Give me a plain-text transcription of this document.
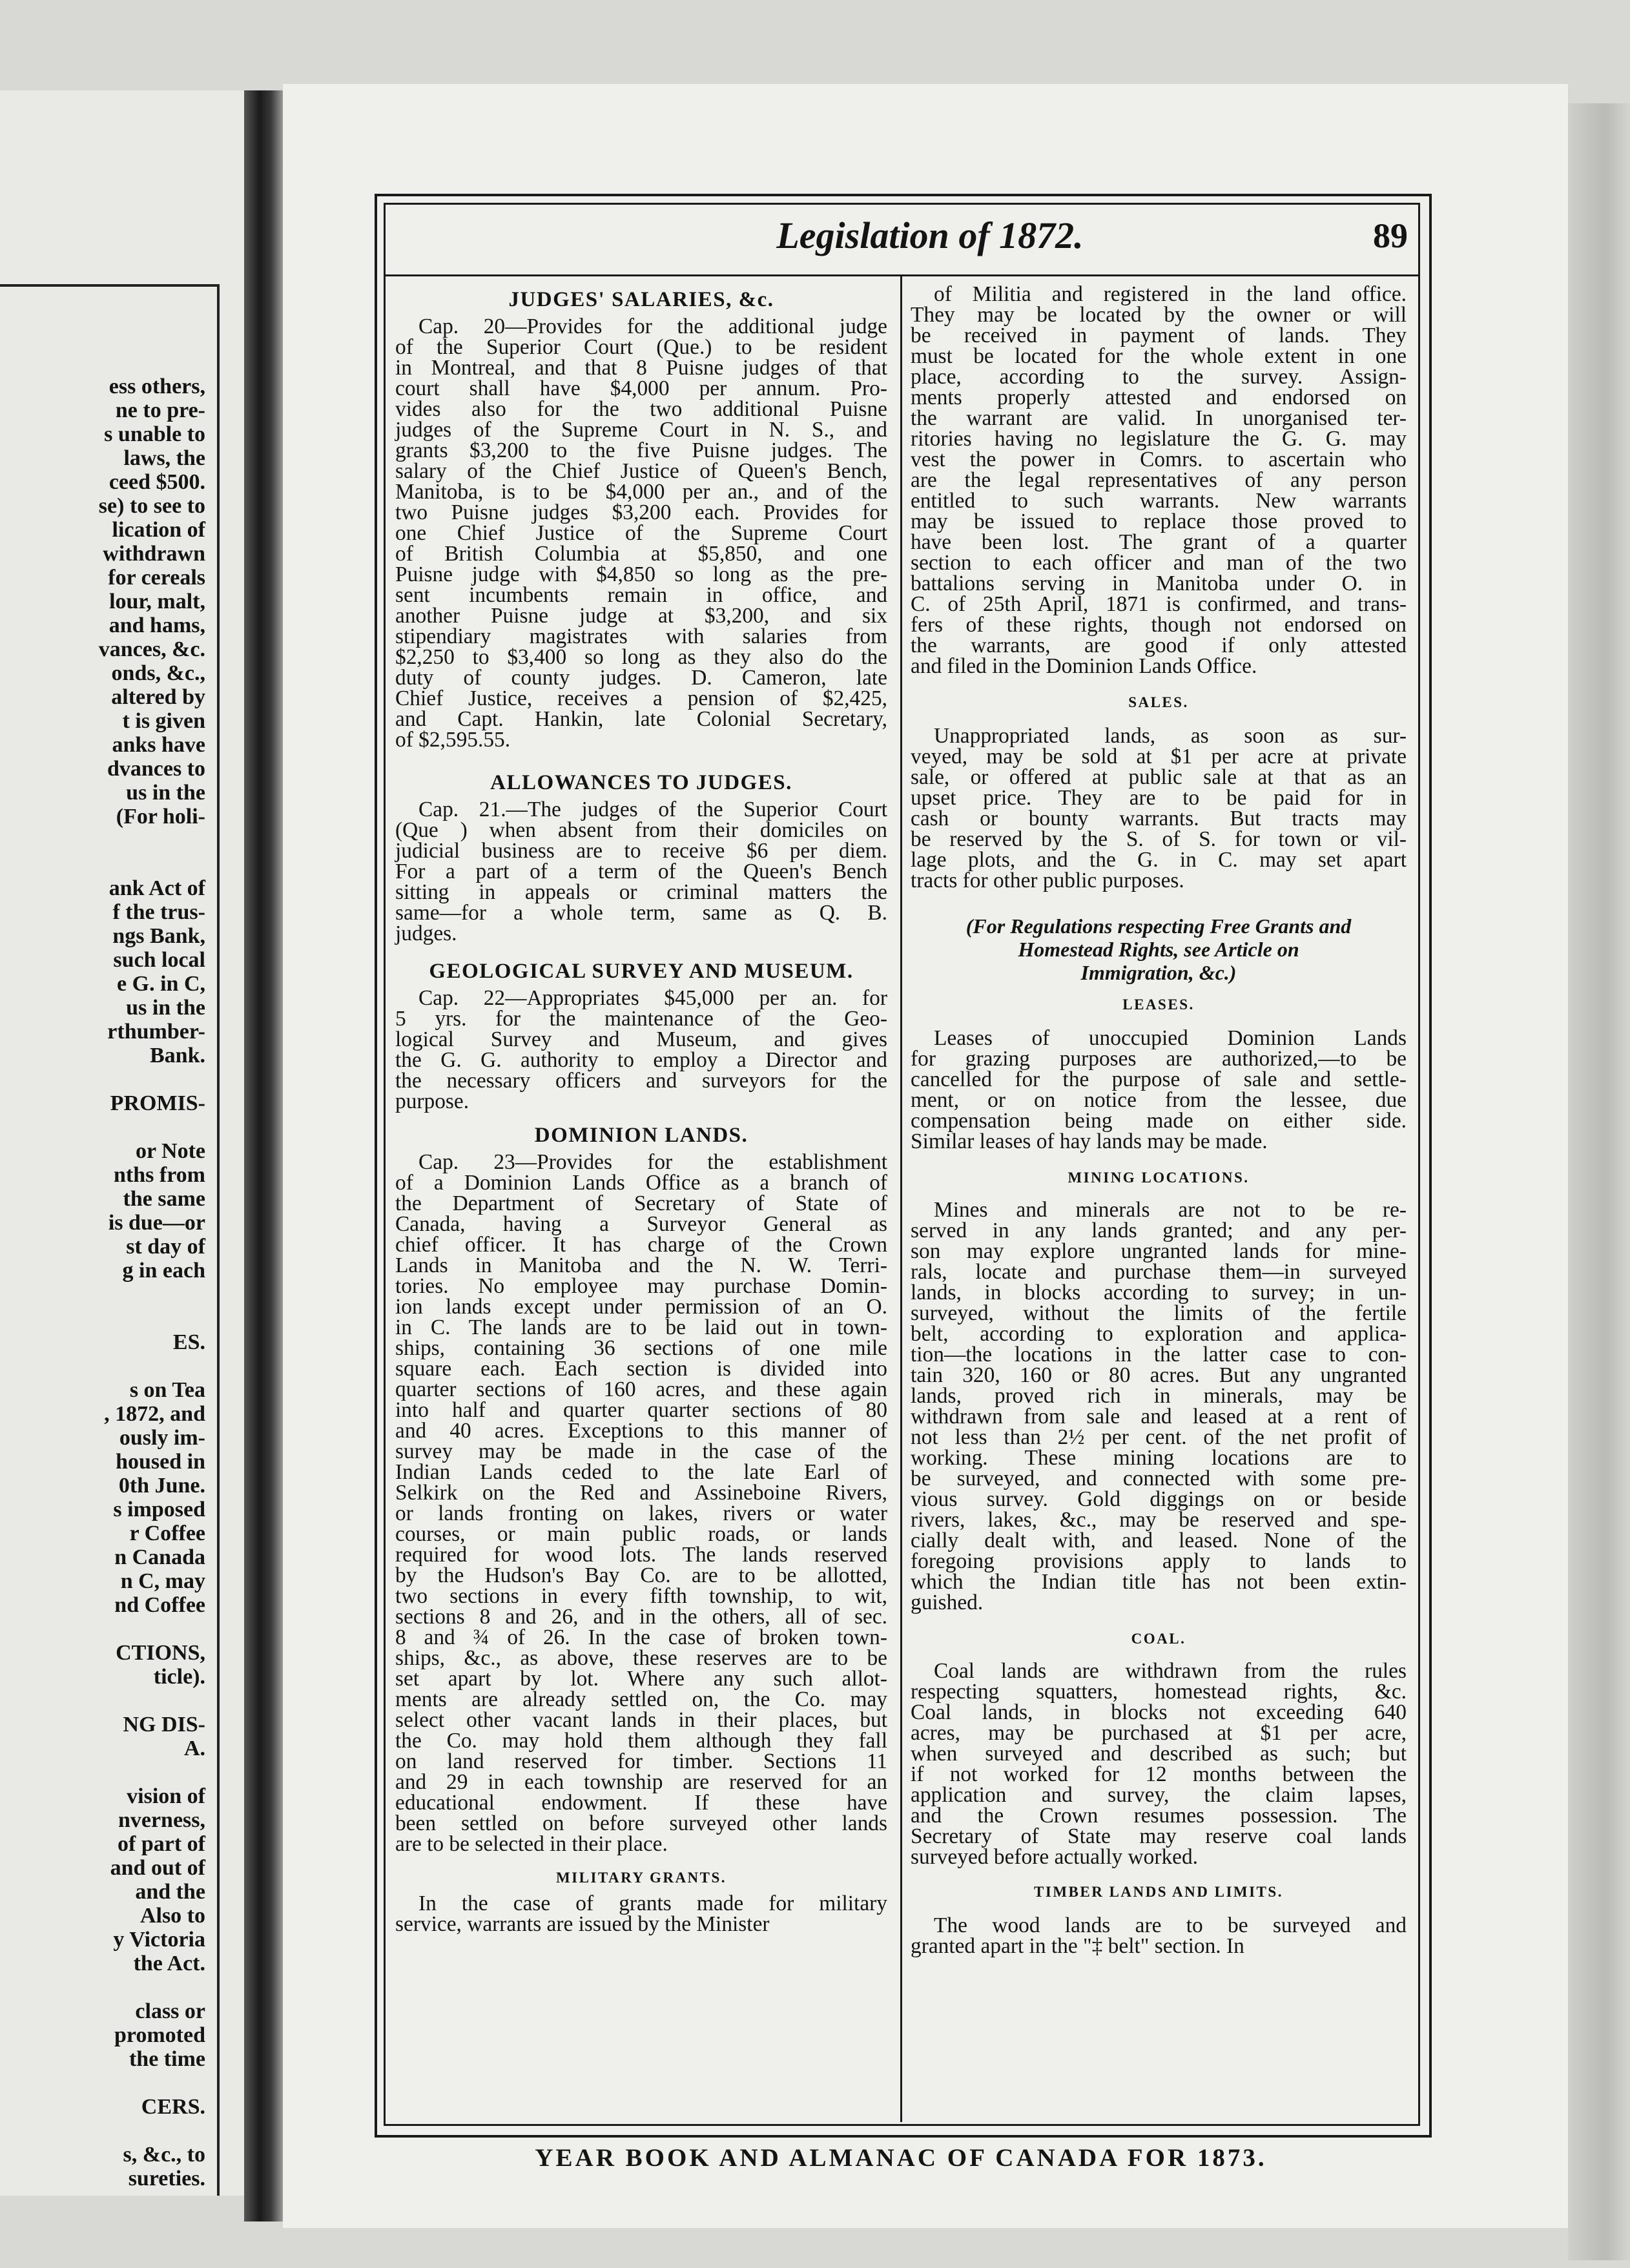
ess others,
ne to pre-
s unable to
laws, the
ceed $500.
se) to see to
lication of
withdrawn
for cereals
lour, malt,
and hams,
vances, &c.
onds, &c.,
altered by
t is given
anks have
dvances to
us in the
(For holi-
ank Act of
f the trus-
ngs Bank,
such local
e G. in C,
us in the
rthumber-
Bank.
PROMIS-
or Note
nths from
the same
is due—or
st day of
g in each
ES.
s on Tea
, 1872, and
ously im-
housed in
0th June.
s imposed
r Coffee
n Canada
n C, may
nd Coffee
CTIONS,
ticle).
NG DIS-
A.
vision of
nverness,
of part of
and out of
and the
Also to
y Victoria
the Act.
class or
promoted
the time
CERS.
s, &c., to
sureties.
Legislation of 1872.	89
JUDGES' SALARIES, &c.

Cap. 20—Provides for the additional judge
of the Superior Court (Que.) to be resident
in Montreal, and that 8 Puisne judges of that
court shall have $4,000 per annum. Pro-
vides also for the two additional Puisne
judges of the Supreme Court in N. S., and
grants $3,200 to the five Puisne judges. The
salary of the Chief Justice of Queen's Bench,
Manitoba, is to be $4,000 per an., and of the
two Puisne judges $3,200 each. Provides for
one Chief Justice of the Supreme Court
of British Columbia at $5,850, and one
Puisne judge with $4,850 so long as the pre-
sent incumbents remain in office, and
another Puisne judge at $3,200, and six
stipendiary magistrates with salaries from
$2,250 to $3,400 so long as they also do the
duty of county judges. D. Cameron, late
Chief Justice, receives a pension of $2,425,
and Capt. Hankin, late Colonial Secretary,
of $2,595.55.

ALLOWANCES TO JUDGES.

Cap. 21.—The judges of the Superior Court
(Que ) when absent from their domiciles on
judicial business are to receive $6 per diem.
For a part of a term of the Queen's Bench
sitting in appeals or criminal matters the
same—for a whole term, same as Q. B.
judges.

GEOLOGICAL SURVEY AND MUSEUM.

Cap. 22—Appropriates $45,000 per an. for
5 yrs. for the maintenance of the Geo-
logical Survey and Museum, and gives
the G. G. authority to employ a Director and
the necessary officers and surveyors for the
purpose.

DOMINION LANDS.

Cap. 23—Provides for the establishment
of a Dominion Lands Office as a branch of
the Department of Secretary of State of
Canada, having a Surveyor General as
chief officer. It has charge of the Crown
Lands in Manitoba and the N. W. Terri-
tories. No employee may purchase Domin-
ion lands except under permission of an O.
in C. The lands are to be laid out in town-
ships, containing 36 sections of one mile
square each. Each section is divided into
quarter sections of 160 acres, and these again
into half and quarter quarter sections of 80
and 40 acres. Exceptions to this manner of
survey may be made in the case of the
Indian Lands ceded to the late Earl of
Selkirk on the Red and Assineboine Rivers,
or lands fronting on lakes, rivers or water
courses, or main public roads, or lands
required for wood lots. The lands reserved
by the Hudson's Bay Co. are to be allotted,
two sections in every fifth township, to wit,
sections 8 and 26, and in the others, all of sec.
8 and ¾ of 26. In the case of broken town-
ships, &c., as above, these reserves are to be
set apart by lot. Where any such allot-
ments are already settled on, the Co. may
select other vacant lands in their places, but
the Co. may hold them although they fall
on land reserved for timber. Sections 11
and 29 in each township are reserved for an
educational endowment. If these have
been settled on before surveyed other lands
are to be selected in their place.

MILITARY GRANTS.

In the case of grants made for military
service, warrants are issued by the Minister

of Militia and registered in the land office.
They may be located by the owner or will
be received in payment of lands. They
must be located for the whole extent in one
place, according to the survey. Assign-
ments properly attested and endorsed on
the warrant are valid. In unorganised ter-
ritories having no legislature the G. G. may
vest the power in Comrs. to ascertain who
are the legal representatives of any person
entitled to such warrants. New warrants
may be issued to replace those proved to
have been lost. The grant of a quarter
section to each officer and man of the two
battalions serving in Manitoba under O. in
C. of 25th April, 1871 is confirmed, and trans-
fers of these rights, though not endorsed on
the warrants, are good if only attested
and filed in the Dominion Lands Office.

SALES.

Unappropriated lands, as soon as sur-
veyed, may be sold at $1 per acre at private
sale, or offered at public sale at that as an
upset price. They are to be paid for in
cash or bounty warrants. But tracts may
be reserved by the S. of S. for town or vil-
lage plots, and the G. in C. may set apart
tracts for other public purposes.

(For Regulations respecting Free Grants and
Homestead Rights, see Article on
Immigration, &c.)
LEASES.

Leases of unoccupied Dominion Lands
for grazing purposes are authorized,—to be
cancelled for the purpose of sale and settle-
ment, or on notice from the lessee, due
compensation being made on either side.
Similar leases of hay lands may be made.

MINING LOCATIONS.

Mines and minerals are not to be re-
served in any lands granted; and any per-
son may explore ungranted lands for mine-
rals, locate and purchase them—in surveyed
lands, in blocks according to survey; in un-
surveyed, without the limits of the fertile
belt, according to exploration and applica-
tion—the locations in the latter case to con-
tain 320, 160 or 80 acres. But any ungranted
lands, proved rich in minerals, may be
withdrawn from sale and leased at a rent of
not less than 2½ per cent. of the net profit of
working. These mining locations are to
be surveyed, and connected with some pre-
vious survey. Gold diggings on or beside
rivers, lakes, &c., may be reserved and spe-
cially dealt with, and leased. None of the
foregoing provisions apply to lands to
which the Indian title has not been extin-
guished.

COAL.

Coal lands are withdrawn from the rules
respecting squatters, homestead rights, &c.
Coal lands, in blocks not exceeding 640
acres, may be purchased at $1 per acre,
when surveyed and described as such; but
if not worked for 12 months between the
application and survey, the claim lapses,
and the Crown resumes possession. The
Secretary of State may reserve coal lands
surveyed before actually worked.

TIMBER LANDS AND LIMITS.

The wood lands are to be surveyed and
granted apart in the "‡ belt" section. In

YEAR BOOK AND ALMANAC OF CANADA FOR 1873.
